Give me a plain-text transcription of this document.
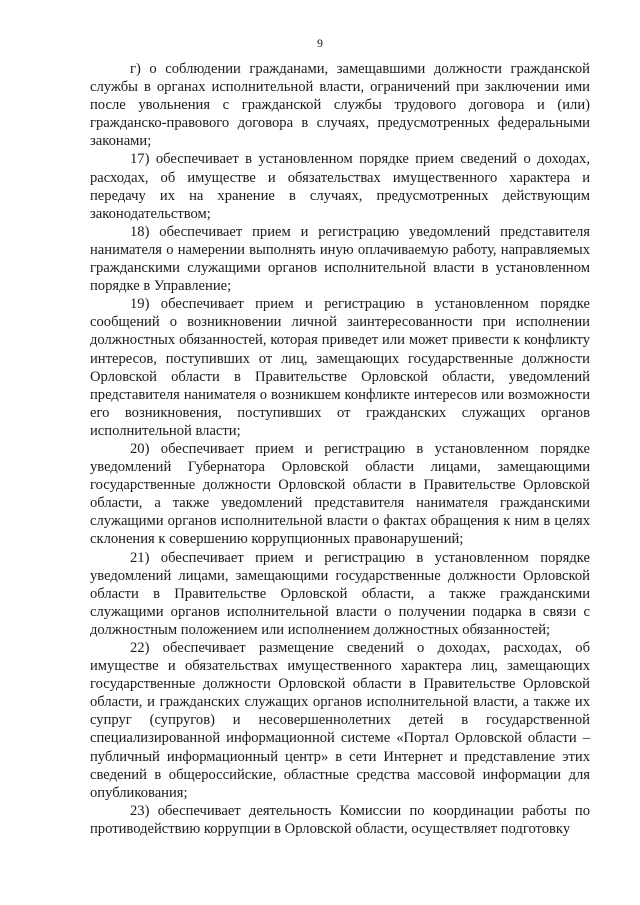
9

г) о соблюдении гражданами, замещавшими должности гражданской службы в органах исполнительной власти, ограничений при заключении ими после увольнения с гражданской службы трудового договора и (или) гражданско-правового договора в случаях, предусмотренных федеральными законами;

17) обеспечивает в установленном порядке прием сведений о доходах, расходах, об имуществе и обязательствах имущественного характера и передачу их на хранение в случаях, предусмотренных действующим законодательством;

18) обеспечивает прием и регистрацию уведомлений представителя нанимателя о намерении выполнять иную оплачиваемую работу, направляемых гражданскими служащими органов исполнительной власти в установленном порядке в Управление;

19) обеспечивает прием и регистрацию в установленном порядке сообщений о возникновении личной заинтересованности при исполнении должностных обязанностей, которая приведет или может привести к конфликту интересов, поступивших от лиц, замещающих государственные должности Орловской области в Правительстве Орловской области, уведомлений представителя нанимателя о возникшем конфликте интересов или возможности его возникновения, поступивших от гражданских служащих органов исполнительной власти;

20) обеспечивает прием и регистрацию в установленном порядке уведомлений Губернатора Орловской области лицами, замещающими государственные должности Орловской области в Правительстве Орловской области, а также уведомлений представителя нанимателя гражданскими служащими органов исполнительной власти о фактах обращения к ним в целях склонения к совершению коррупционных правонарушений;

21) обеспечивает прием и регистрацию в установленном порядке уведомлений лицами, замещающими государственные должности Орловской области в Правительстве Орловской области, а также гражданскими служащими органов исполнительной власти о получении подарка в связи с должностным положением или исполнением должностных обязанностей;

22) обеспечивает размещение сведений о доходах, расходах, об имуществе и обязательствах имущественного характера лиц, замещающих государственные должности Орловской области в Правительстве Орловской области, и гражданских служащих органов исполнительной власти, а также их супруг (супругов) и несовершеннолетних детей в государственной специализированной информационной системе «Портал Орловской области – публичный информационный центр» в сети Интернет и представление этих сведений в общероссийские, областные средства массовой информации для опубликования;

23) обеспечивает деятельность Комиссии по координации работы по противодействию коррупции в Орловской области, осуществляет подготовку
